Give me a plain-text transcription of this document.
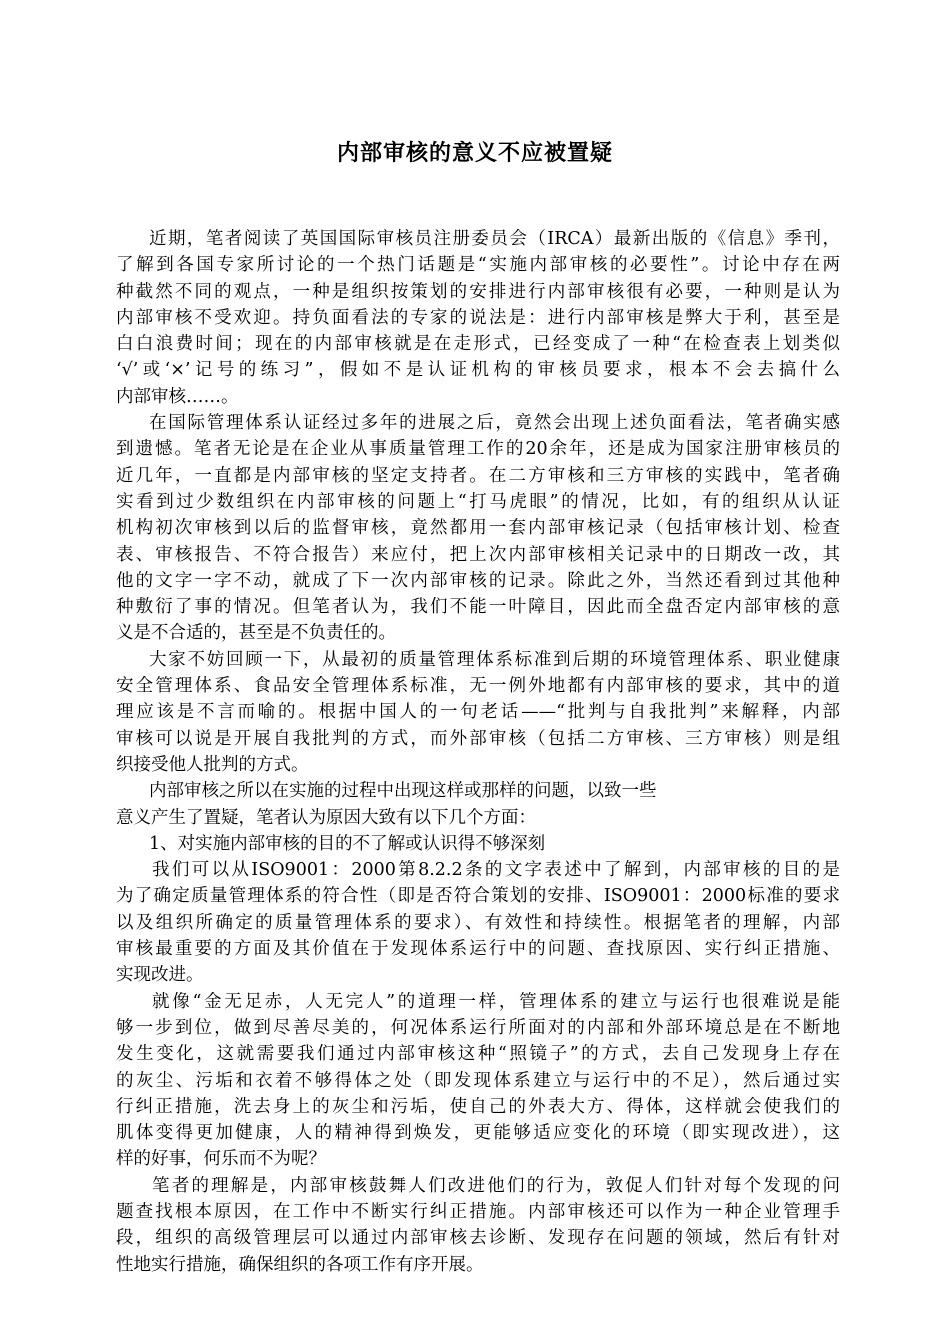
内部审核的意义不应被置疑
近期，笔者阅读了英国国际审核员注册委员会（IRCA）最新出版的《信息》季刊，
了解到各国专家所讨论的一个热门话题是“实施内部审核的必要性”。讨论中存在两
种截然不同的观点，一种是组织按策划的安排进行内部审核很有必要，一种则是认为
内部审核不受欢迎。持负面看法的专家的说法是：进行内部审核是弊大于利，甚至是
白白浪费时间；现在的内部审核就是在走形式，已经变成了一种“在检查表上划类似
‘√’或‘×’记号的练习”，假如不是认证机构的审核员要求，根本不会去搞什么
内部审核……。
在国际管理体系认证经过多年的进展之后，竟然会出现上述负面看法，笔者确实感
到遗憾。笔者无论是在企业从事质量管理工作的20余年，还是成为国家注册审核员的
近几年，一直都是内部审核的坚定支持者。在二方审核和三方审核的实践中，笔者确
实看到过少数组织在内部审核的问题上“打马虎眼”的情况，比如，有的组织从认证
机构初次审核到以后的监督审核，竟然都用一套内部审核记录（包括审核计划、检查
表、审核报告、不符合报告）来应付，把上次内部审核相关记录中的日期改一改，其
他的文字一字不动，就成了下一次内部审核的记录。除此之外，当然还看到过其他种
种敷衍了事的情况。但笔者认为，我们不能一叶障目，因此而全盘否定内部审核的意
义是不合适的，甚至是不负责任的。
大家不妨回顾一下，从最初的质量管理体系标准到后期的环境管理体系、职业健康
安全管理体系、食品安全管理体系标准，无一例外地都有内部审核的要求，其中的道
理应该是不言而喻的。根据中国人的一句老话——“批判与自我批判”来解释，内部
审核可以说是开展自我批判的方式，而外部审核（包括二方审核、三方审核）则是组
织接受他人批判的方式。
内部审核之所以在实施的过程中出现这样或那样的问题，以致一些
意义产生了置疑，笔者认为原因大致有以下几个方面：
1、对实施内部审核的目的不了解或认识得不够深刻
我们可以从ISO9001：2000第8.2.2条的文字表述中了解到，内部审核的目的是
为了确定质量管理体系的符合性（即是否符合策划的安排、ISO9001：2000标准的要求
以及组织所确定的质量管理体系的要求）、有效性和持续性。根据笔者的理解，内部
审核最重要的方面及其价值在于发现体系运行中的问题、查找原因、实行纠正措施、
实现改进。
就像“金无足赤，人无完人”的道理一样，管理体系的建立与运行也很难说是能
够一步到位，做到尽善尽美的，何况体系运行所面对的内部和外部环境总是在不断地
发生变化，这就需要我们通过内部审核这种“照镜子”的方式，去自己发现身上存在
的灰尘、污垢和衣着不够得体之处（即发现体系建立与运行中的不足），然后通过实
行纠正措施，洗去身上的灰尘和污垢，使自己的外表大方、得体，这样就会使我们的
肌体变得更加健康，人的精神得到焕发，更能够适应变化的环境（即实现改进），这
样的好事，何乐而不为呢？
笔者的理解是，内部审核鼓舞人们改进他们的行为，敦促人们针对每个发现的问
题查找根本原因，在工作中不断实行纠正措施。内部审核还可以作为一种企业管理手
段，组织的高级管理层可以通过内部审核去诊断、发现存在问题的领域，然后有针对
性地实行措施，确保组织的各项工作有序开展。
